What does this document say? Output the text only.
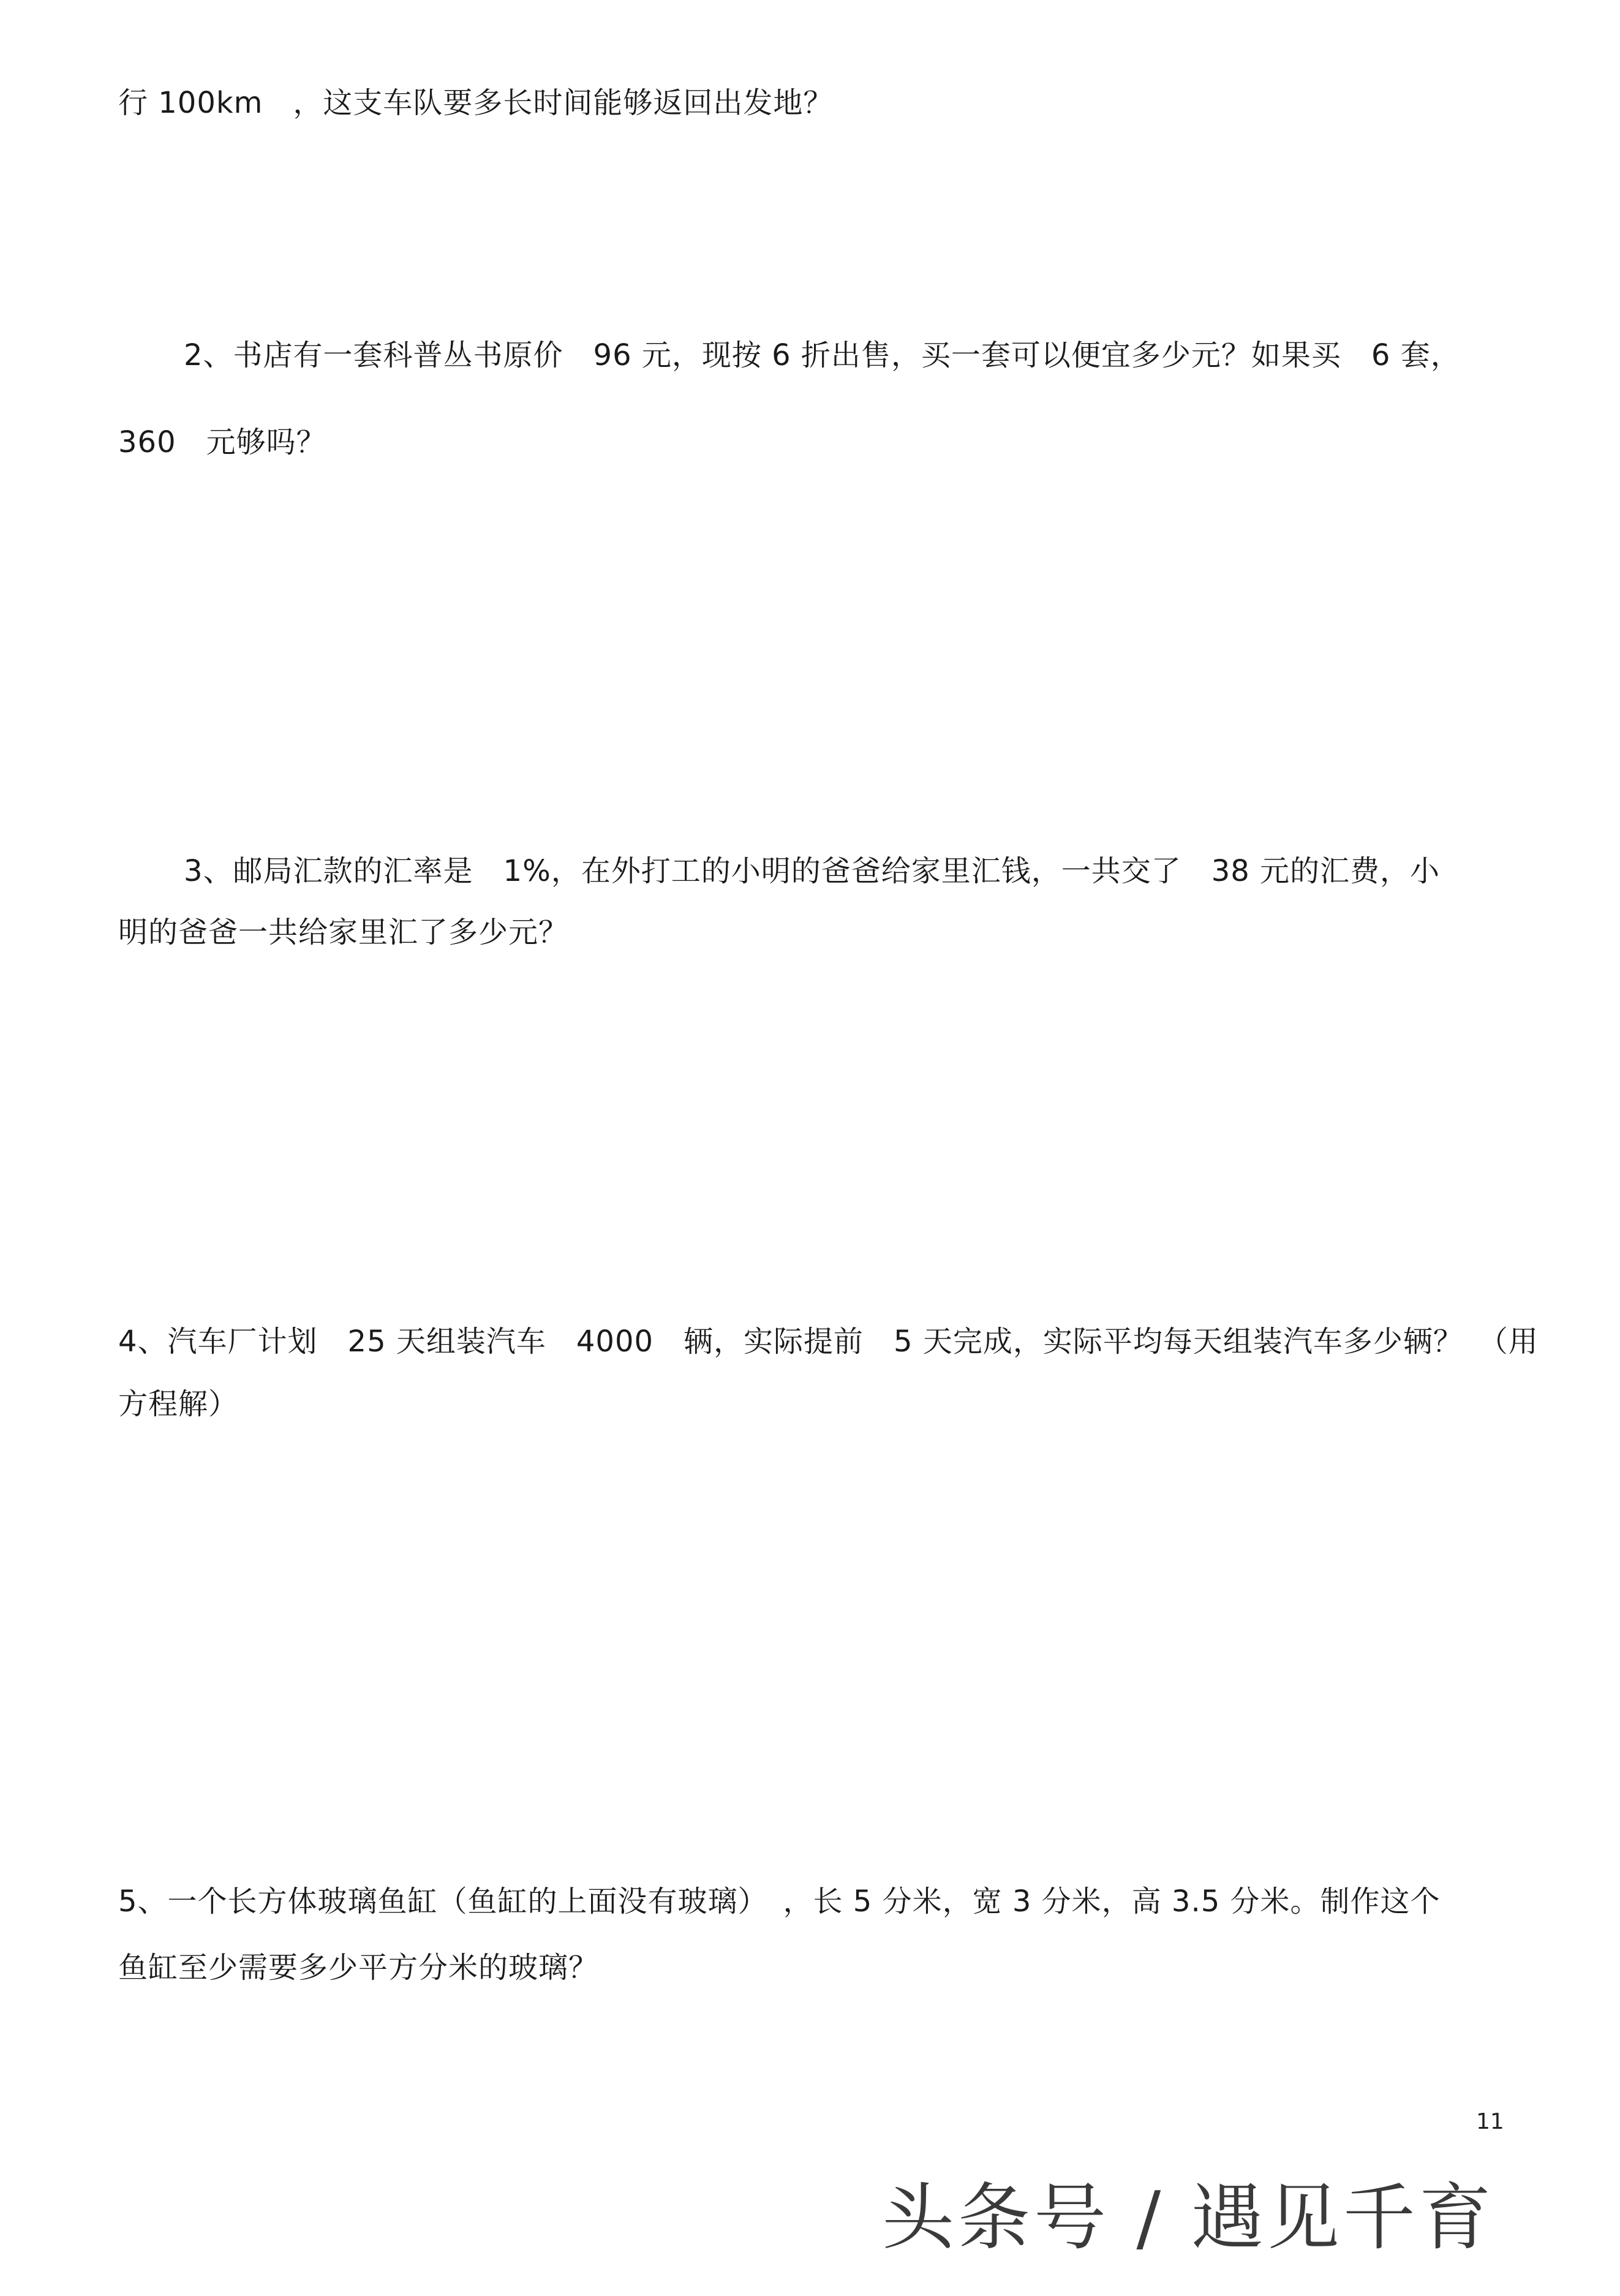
行 100km　，这支车队要多长时间能够返回出发地？
2、书店有一套科普丛书原价　96 元，现按 6 折出售，买一套可以便宜多少元？如果买　6 套，
360　元够吗？
3、邮局汇款的汇率是　1%，在外打工的小明的爸爸给家里汇钱，一共交了　38 元的汇费，小
明的爸爸一共给家里汇了多少元？
4、汽车厂计划　25 天组装汽车　4000　辆，实际提前　5 天完成，实际平均每天组装汽车多少辆？　（用
方程解）
5、一个长方体玻璃鱼缸（鱼缸的上面没有玻璃）　，长 5 分米，宽 3 分米，高 3.5 分米。制作这个
鱼缸至少需要多少平方分米的玻璃？
11
头条号 / 遇见千育
